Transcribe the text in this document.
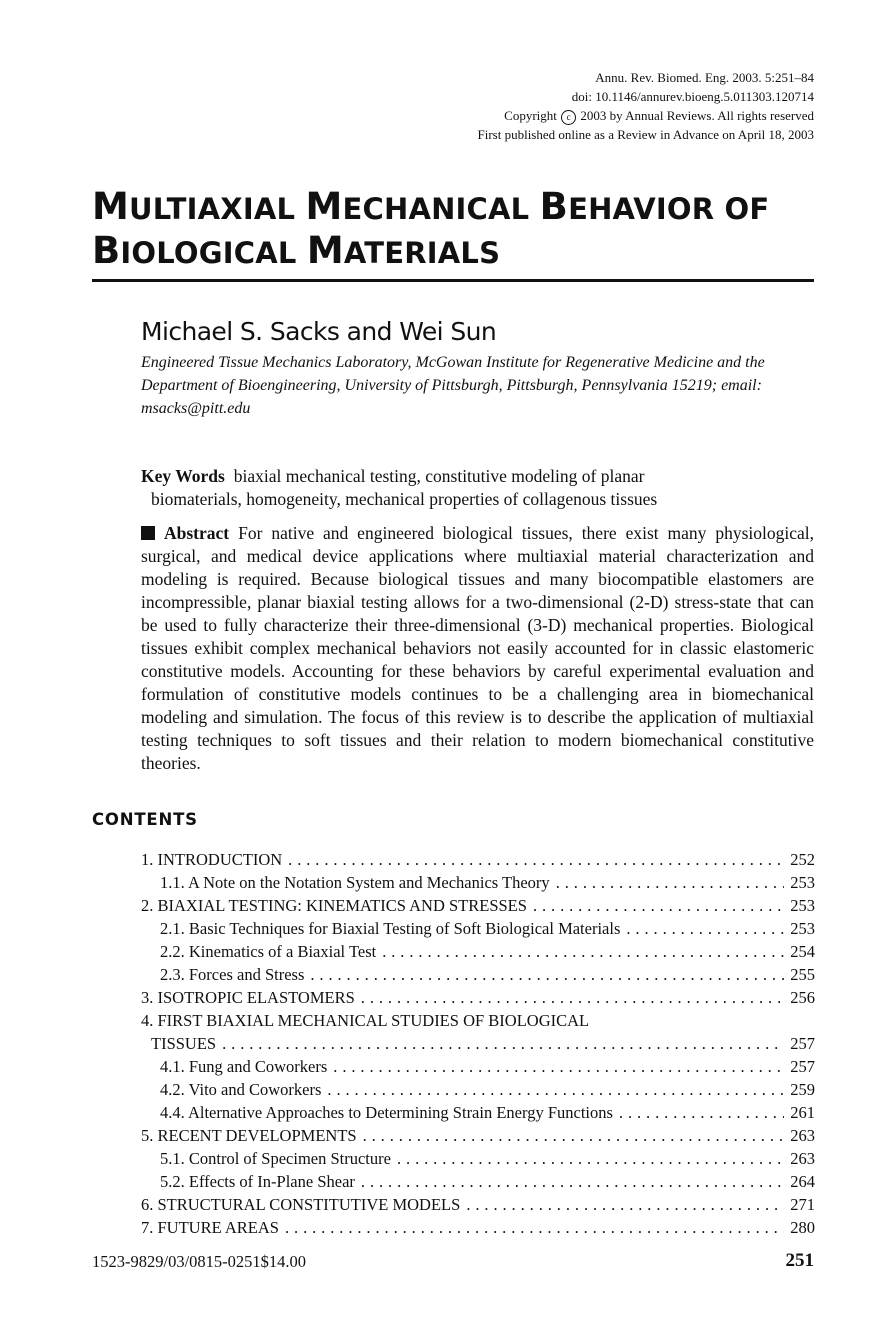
Annu. Rev. Biomed. Eng. 2003. 5:251–84
doi: 10.1146/annurev.bioeng.5.011303.120714
Copyright c 2003 by Annual Reviews. All rights reserved
First published online as a Review in Advance on April 18, 2003
MULTIAXIAL MECHANICAL BEHAVIOR OF
BIOLOGICAL MATERIALS
Michael S. Sacks and Wei Sun
Engineered Tissue Mechanics Laboratory, McGowan Institute for Regenerative Medicine and the Department of Bioengineering, University of Pittsburgh, Pittsburgh, Pennsylvania 15219; email: msacks@pitt.edu
Key Words biaxial mechanical testing, constitutive modeling of planar
biomaterials, homogeneity, mechanical properties of collagenous tissues
Abstract For native and engineered biological tissues, there exist many physiological, surgical, and medical device applications where multiaxial material characterization and modeling is required. Because biological tissues and many biocompatible elastomers are incompressible, planar biaxial testing allows for a two-dimensional (2-D) stress-state that can be used to fully characterize their three-dimensional (3-D) mechanical properties. Biological tissues exhibit complex mechanical behaviors not easily accounted for in classic elastomeric constitutive models. Accounting for these behaviors by careful experimental evaluation and formulation of constitutive models continues to be a challenging area in biomechanical modeling and simulation. The focus of this review is to describe the application of multiaxial testing techniques to soft tissues and their relation to modern biomechanical constitutive theories.
CONTENTS
1. INTRODUCTION . . .	252
1.1. A Note on the Notation System and Mechanics Theory . . .	253
2. BIAXIAL TESTING: KINEMATICS AND STRESSES . . .	253
2.1. Basic Techniques for Biaxial Testing of Soft Biological Materials . . .	253
2.2. Kinematics of a Biaxial Test . . .	254
2.3. Forces and Stress . . .	255
3. ISOTROPIC ELASTOMERS . . .	256
4. FIRST BIAXIAL MECHANICAL STUDIES OF BIOLOGICAL
TISSUES . . .	257
4.1. Fung and Coworkers . . .	257
4.2. Vito and Coworkers . . .	259
4.4. Alternative Approaches to Determining Strain Energy Functions . . .	261
5. RECENT DEVELOPMENTS . . .	263
5.1. Control of Specimen Structure . . .	263
5.2. Effects of In-Plane Shear . . .	264
6. STRUCTURAL CONSTITUTIVE MODELS . . .	271
7. FUTURE AREAS . . .	280
1523-9829/03/0815-0251$14.00	251
